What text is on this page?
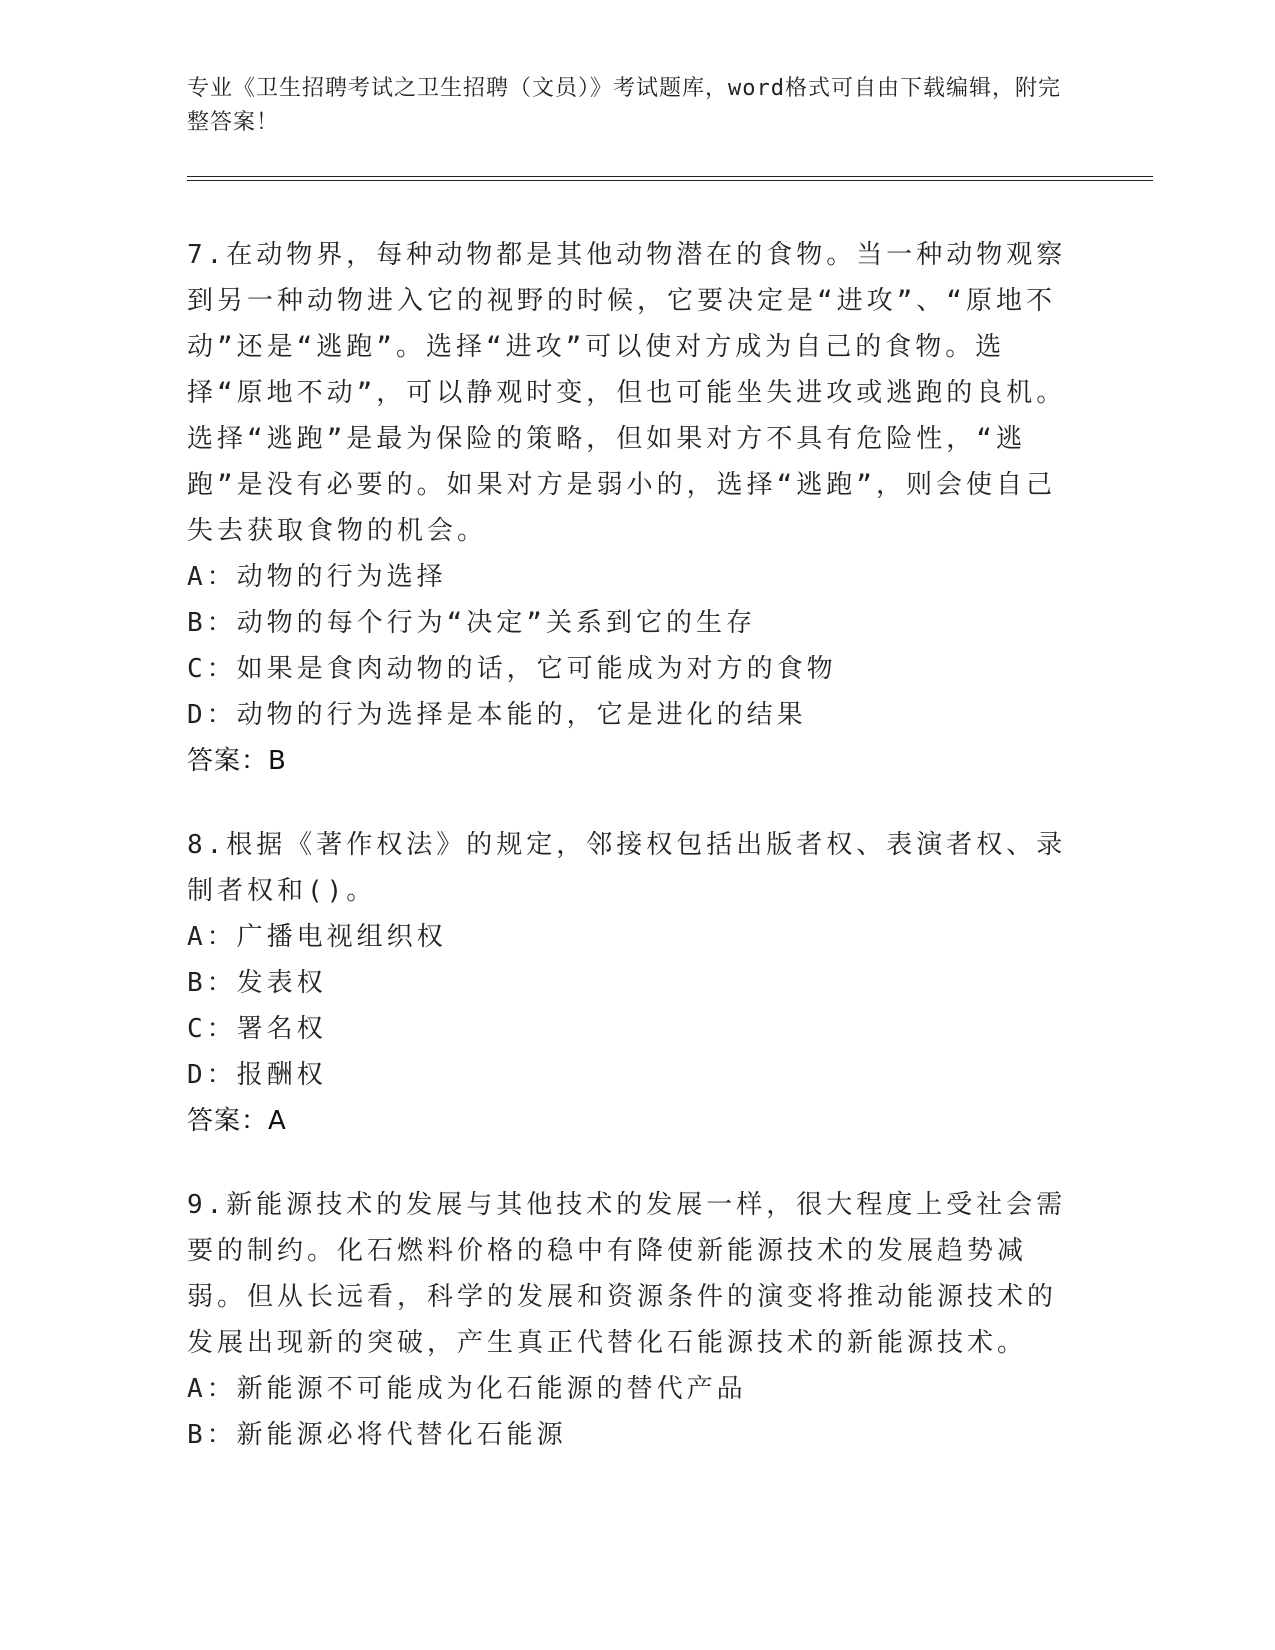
专业《卫生招聘考试之卫生招聘（文员）》考试题库，word格式可自由下载编辑，附完整答案！
7.在动物界，每种动物都是其他动物潜在的食物。当一种动物观察到另一种动物进入它的视野的时候，它要决定是“进攻”、“原地不动”还是“逃跑”。选择“进攻”可以使对方成为自己的食物。选择“原地不动”，可以静观时变，但也可能坐失进攻或逃跑的良机。选择“逃跑”是最为保险的策略，但如果对方不具有危险性，“逃跑”是没有必要的。如果对方是弱小的，选择“逃跑”，则会使自己失去获取食物的机会。
A：动物的行为选择
B：动物的每个行为“决定”关系到它的生存
C：如果是食肉动物的话，它可能成为对方的食物
D：动物的行为选择是本能的，它是进化的结果
答案：B
8.根据《著作权法》的规定，邻接权包括出版者权、表演者权、录制者权和()。
A：广播电视组织权
B：发表权
C：署名权
D：报酬权
答案：A
9.新能源技术的发展与其他技术的发展一样，很大程度上受社会需要的制约。化石燃料价格的稳中有降使新能源技术的发展趋势减弱。但从长远看，科学的发展和资源条件的演变将推动能源技术的发展出现新的突破，产生真正代替化石能源技术的新能源技术。
A：新能源不可能成为化石能源的替代产品
B：新能源必将代替化石能源
